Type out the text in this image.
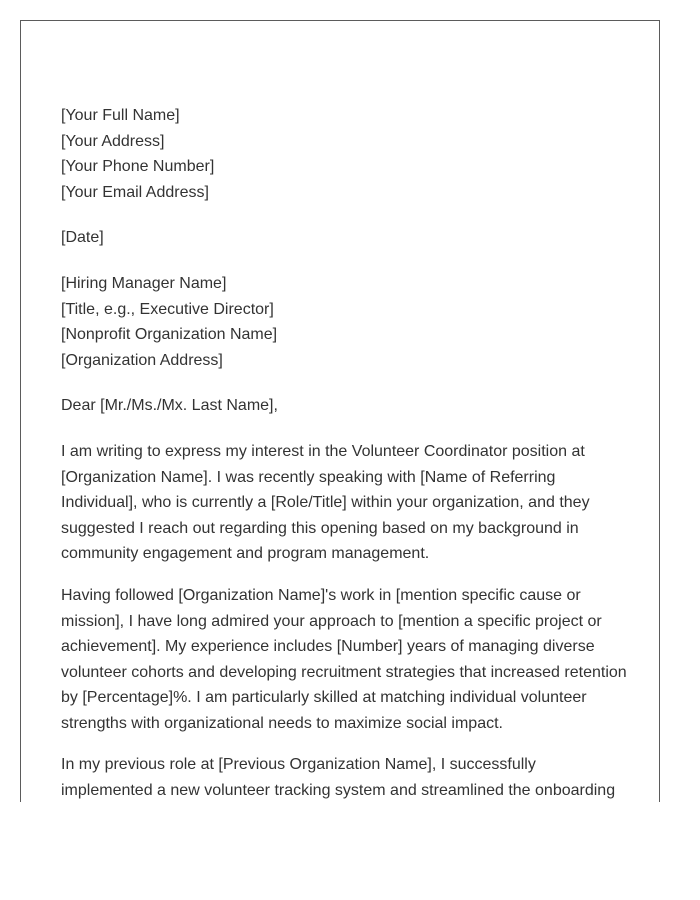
[Your Full Name]
[Your Address]
[Your Phone Number]
[Your Email Address]
[Date]
[Hiring Manager Name]
[Title, e.g., Executive Director]
[Nonprofit Organization Name]
[Organization Address]
Dear [Mr./Ms./Mx. Last Name],

I am writing to express my interest in the Volunteer Coordinator position at [Organization Name]. I was recently speaking with [Name of Referring Individual], who is currently a [Role/Title] within your organization, and they suggested I reach out regarding this opening based on my background in community engagement and program management.

Having followed [Organization Name]'s work in [mention specific cause or mission], I have long admired your approach to [mention a specific project or achievement]. My experience includes [Number] years of managing diverse volunteer cohorts and developing recruitment strategies that increased retention by [Percentage]%. I am particularly skilled at matching individual volunteer strengths with organizational needs to maximize social impact.

In my previous role at [Previous Organization Name], I successfully implemented a new volunteer tracking system and streamlined the onboarding
